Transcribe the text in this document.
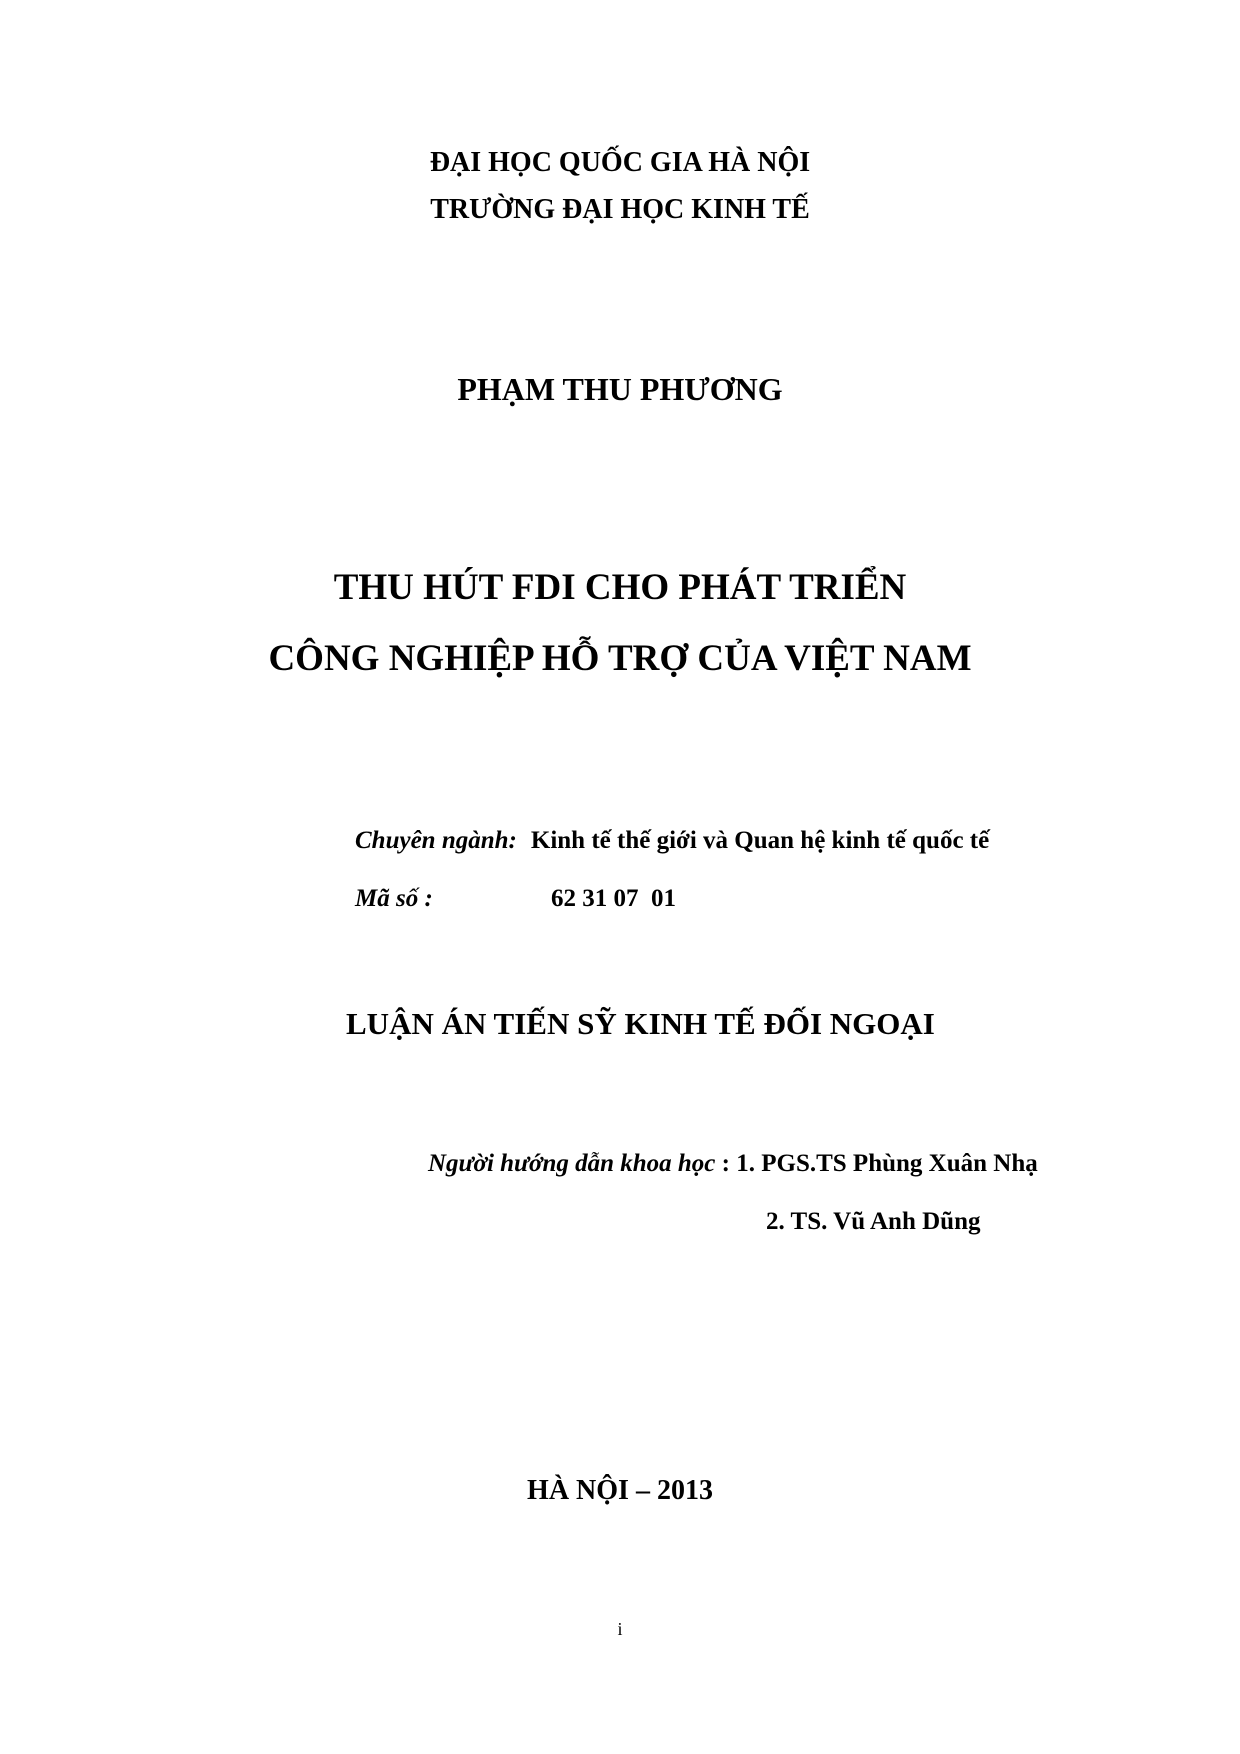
ĐẠI HỌC QUỐC GIA HÀ NỘI
TRƯỜNG ĐẠI HỌC KINH TẾ
PHẠM THU PHƯƠNG
THU HÚT FDI CHO PHÁT TRIỂN
CÔNG NGHIỆP HỖ TRỢ CỦA VIỆT NAM
Chuyên ngành: Kinh tế thế giới và Quan hệ kinh tế quốc tế
Mã số :	62 31 07  01
LUẬN ÁN TIẾN SỸ KINH TẾ ĐỐI NGOẠI
Người hướng dẫn khoa học : 1. PGS.TS Phùng Xuân Nhạ
2. TS. Vũ Anh Dũng
HÀ NỘI – 2013
i
